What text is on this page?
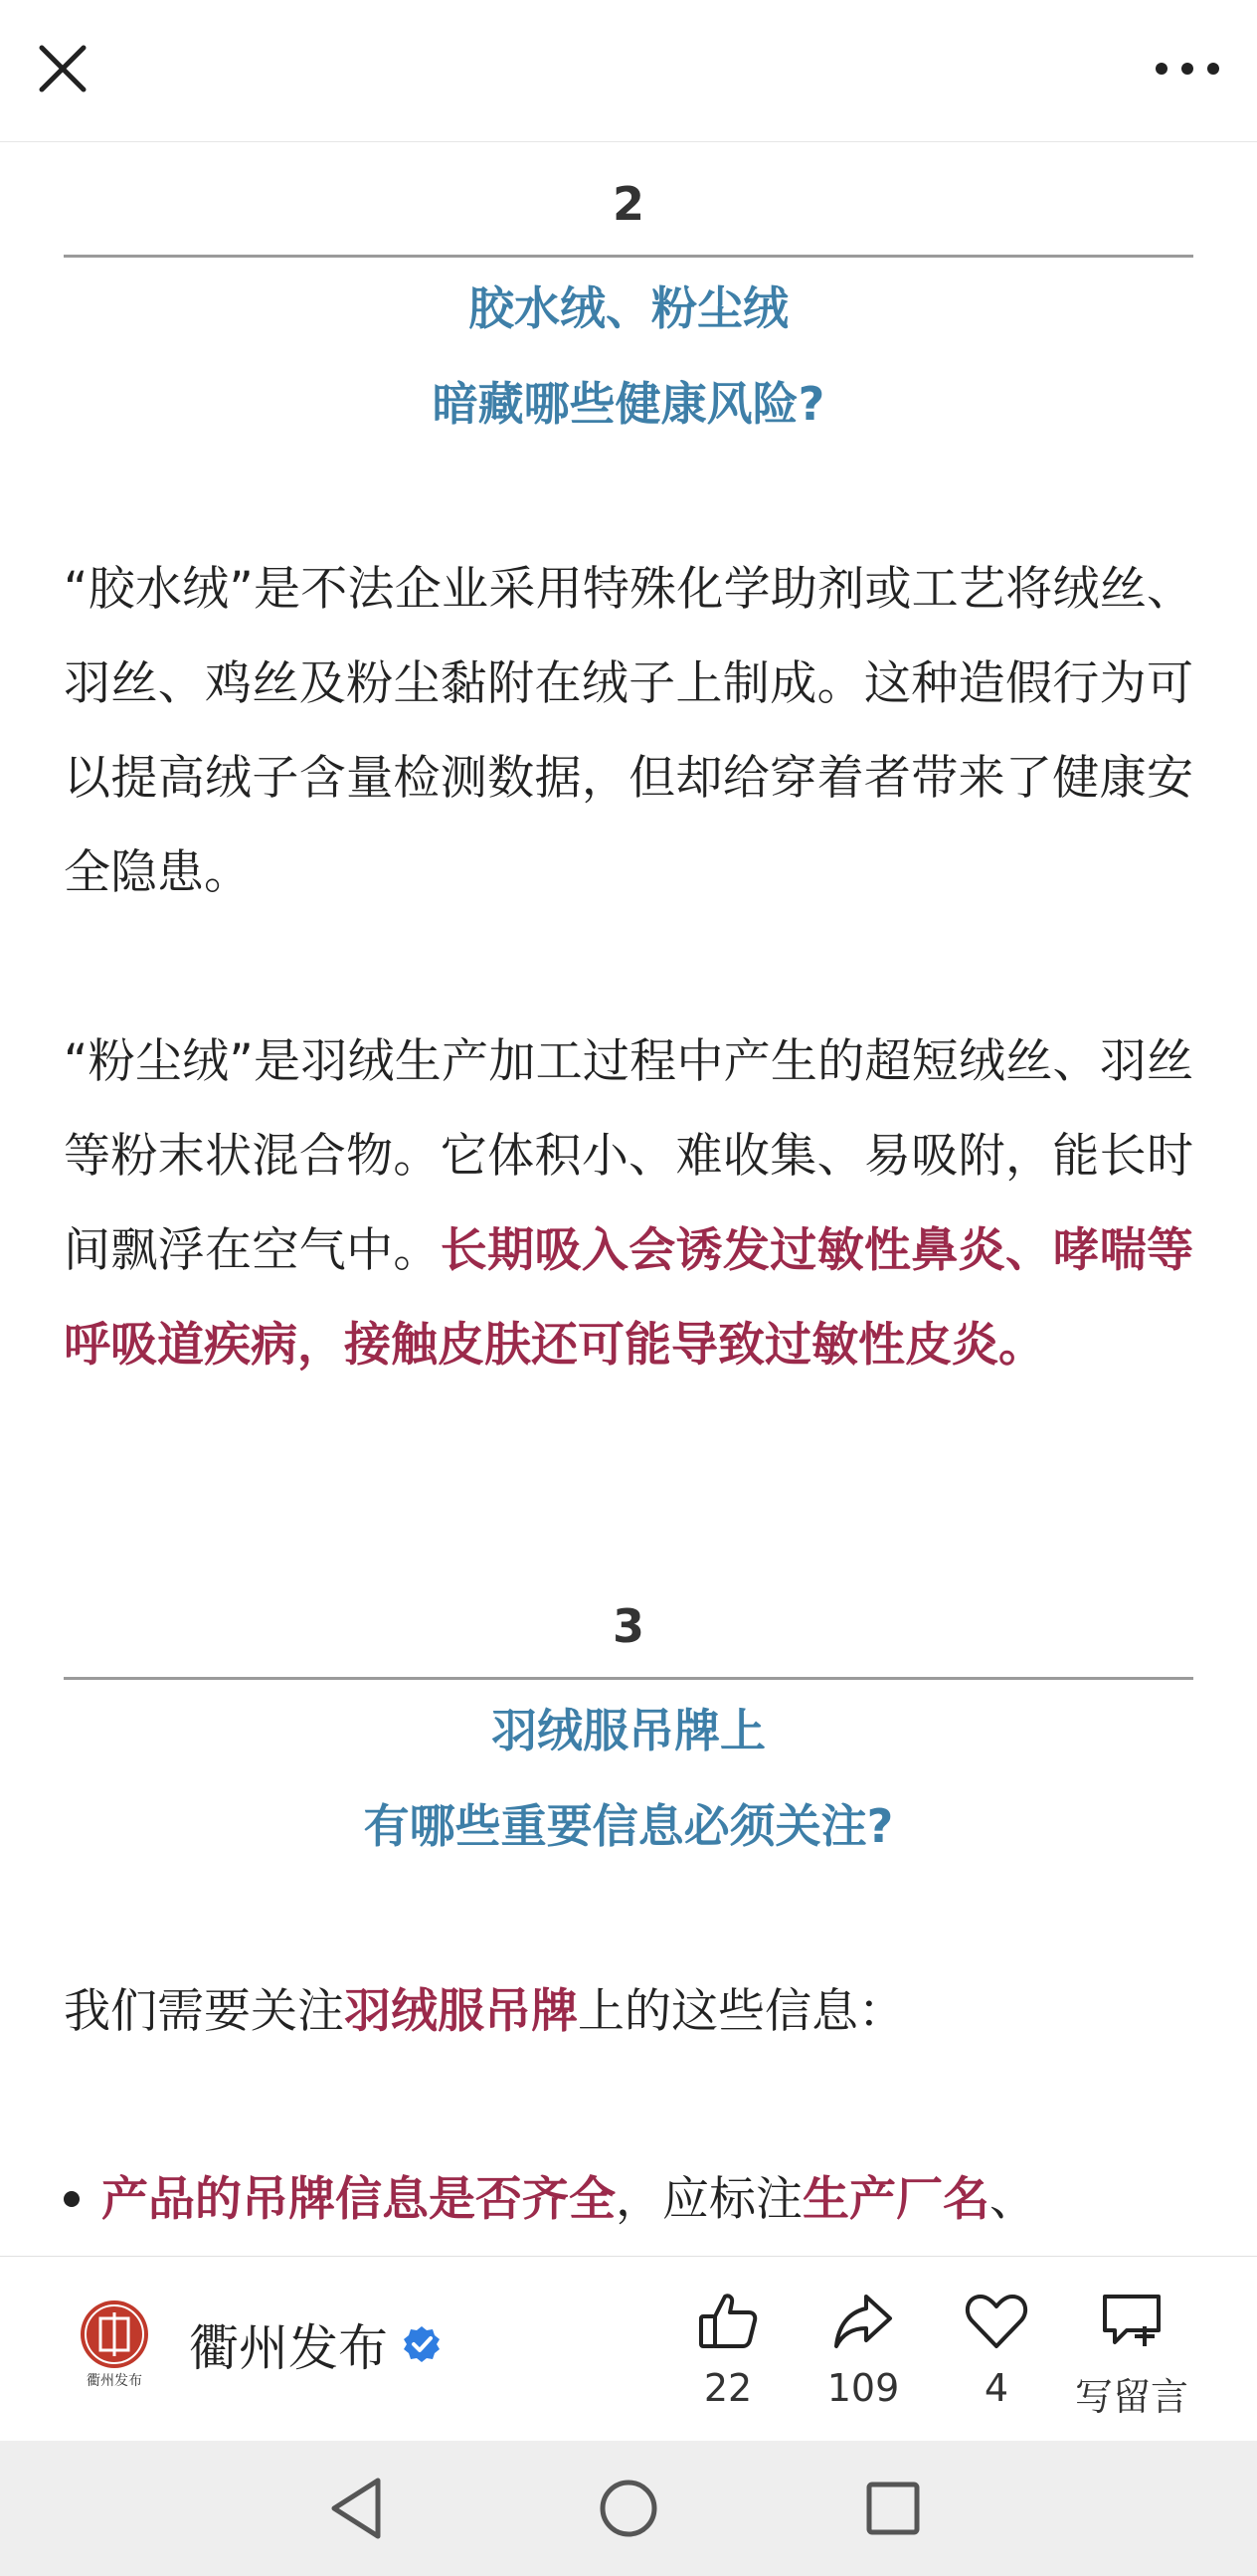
2
胶水绒、粉尘绒
暗藏哪些健康风险?
“胶水绒”是不法企业采用特殊化学助剂或工艺将绒丝、羽丝、鸡丝及粉尘黏附在绒子上制成。这种造假行为可以提高绒子含量检测数据，但却给穿着者带来了健康安全隐患。
“粉尘绒”是羽绒生产加工过程中产生的超短绒丝、羽丝等粉末状混合物。它体积小、难收集、易吸附，能长时间飘浮在空气中。长期吸入会诱发过敏性鼻炎、哮喘等呼吸道疾病，接触皮肤还可能导致过敏性皮炎。
3
羽绒服吊牌上
有哪些重要信息必须关注?
我们需要关注羽绒服吊牌上的这些信息：
产品的吊牌信息是否齐全，应标注生产厂名、
衢州发布
衢州发布
22	109	4	写留言
